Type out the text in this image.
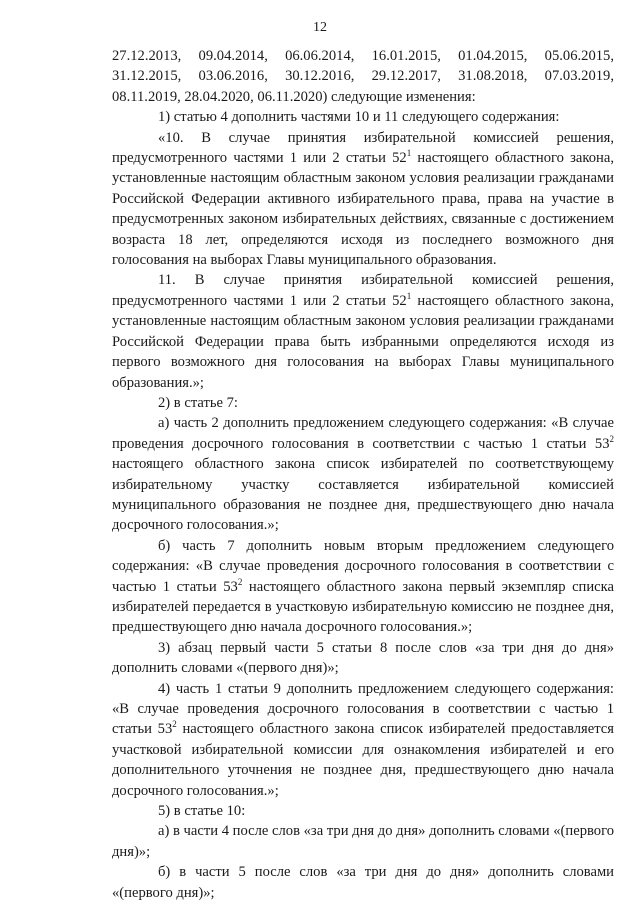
12

27.12.2013, 09.04.2014, 06.06.2014, 16.01.2015, 01.04.2015, 05.06.2015, 31.12.2015, 03.06.2016, 30.12.2016, 29.12.2017, 31.08.2018, 07.03.2019, 08.11.2019, 28.04.2020, 06.11.2020) следующие изменения:

1) статью 4 дополнить частями 10 и 11 следующего содержания:

«10. В случае принятия избирательной комиссией решения, предусмотренного частями 1 или 2 статьи $52^1$ настоящего областного закона, установленные настоящим областным законом условия реализации гражданами Российской Федерации активного избирательного права, права на участие в предусмотренных законом избирательных действиях, связанные с достижением возраста 18 лет, определяются исходя из последнего возможного дня голосования на выборах Главы муниципального образования.

11. В случае принятия избирательной комиссией решения, предусмотренного частями 1 или 2 статьи $52^1$ настоящего областного закона, установленные настоящим областным законом условия реализации гражданами Российской Федерации права быть избранными определяются исходя из первого возможного дня голосования на выборах Главы муниципального образования.»;

2) в статье 7:

а) часть 2 дополнить предложением следующего содержания: «В случае проведения досрочного голосования в соответствии с частью 1 статьи $53^2$ настоящего областного закона список избирателей по соответствующему избирательному участку составляется избирательной комиссией муниципального образования не позднее дня, предшествующего дню начала досрочного голосования.»;

б) часть 7 дополнить новым вторым предложением следующего содержания: «В случае проведения досрочного голосования в соответствии с частью 1 статьи $53^2$ настоящего областного закона первый экземпляр списка избирателей передается в участковую избирательную комиссию не позднее дня, предшествующего дню начала досрочного голосования.»;

3) абзац первый части 5 статьи 8 после слов «за три дня до дня» дополнить словами «(первого дня)»;

4) часть 1 статьи 9 дополнить предложением следующего содержания: «В случае проведения досрочного голосования в соответствии с частью 1 статьи $53^2$ настоящего областного закона список избирателей предоставляется участковой избирательной комиссии для ознакомления избирателей и его дополнительного уточнения не позднее дня, предшествующего дню начала досрочного голосования.»;

5) в статье 10:

а) в части 4 после слов «за три дня до дня» дополнить словами «(первого дня)»;

б) в части 5 после слов «за три дня до дня» дополнить словами «(первого дня)»;
